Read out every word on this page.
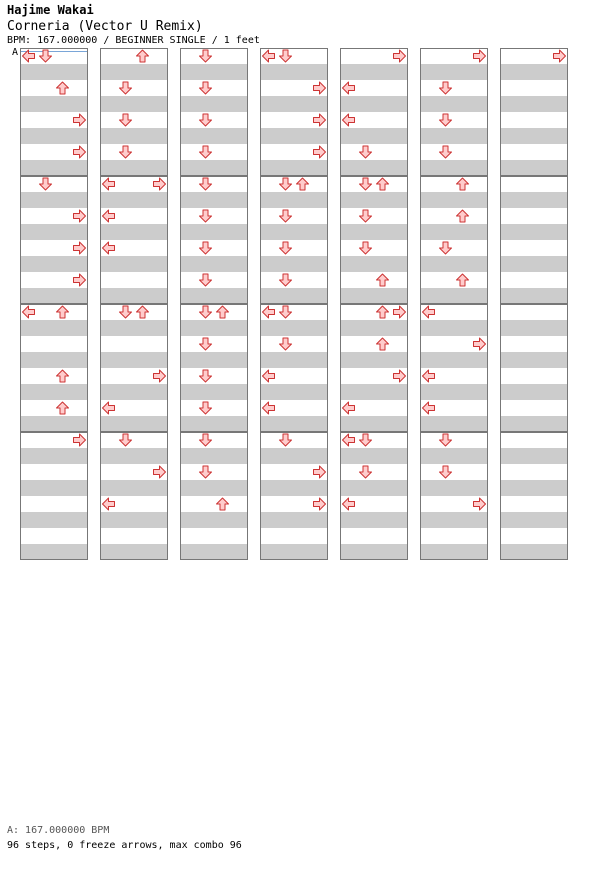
Hajime Wakai
Corneria (Vector U Remix)
BPM: 167.000000 / BEGINNER SINGLE / 1 feet
A
A: 167.000000 BPM
96 steps, 0 freeze arrows, max combo 96
